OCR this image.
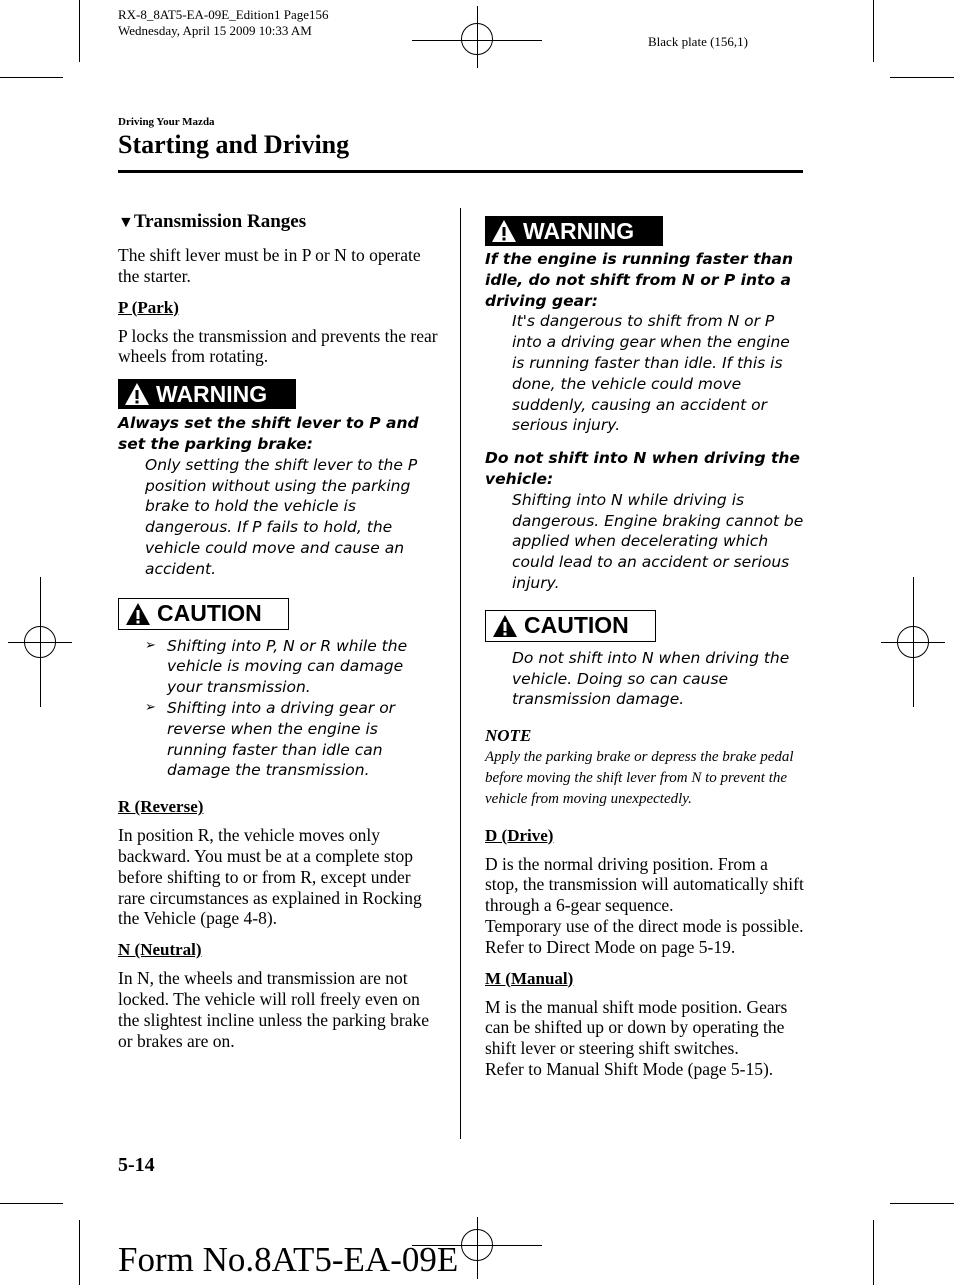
RX-8_8AT5-EA-09E_Edition1 Page156
Wednesday, April 15 2009 10:33 AM
Black plate (156,1)
Driving Your Mazda
Starting and Driving
▼Transmission Ranges
The shift lever must be in P or N to operate the starter.
P (Park)
P locks the transmission and prevents the rear wheels from rotating.
WARNING
Always set the shift lever to P and set the parking brake:
Only setting the shift lever to the P position without using the parking brake to hold the vehicle is dangerous. If P fails to hold, the vehicle could move and cause an accident.
CAUTION
➢ Shifting into P, N or R while the vehicle is moving can damage your transmission.
➢ Shifting into a driving gear or reverse when the engine is running faster than idle can damage the transmission.
R (Reverse)
In position R, the vehicle moves only backward. You must be at a complete stop before shifting to or from R, except under rare circumstances as explained in Rocking the Vehicle (page 4-8).
N (Neutral)
In N, the wheels and transmission are not locked. The vehicle will roll freely even on the slightest incline unless the parking brake or brakes are on.
WARNING
If the engine is running faster than idle, do not shift from N or P into a driving gear:
It's dangerous to shift from N or P into a driving gear when the engine is running faster than idle. If this is done, the vehicle could move suddenly, causing an accident or serious injury.
Do not shift into N when driving the vehicle:
Shifting into N while driving is dangerous. Engine braking cannot be applied when decelerating which could lead to an accident or serious injury.
CAUTION
Do not shift into N when driving the vehicle. Doing so can cause transmission damage.
NOTE
Apply the parking brake or depress the brake pedal before moving the shift lever from N to prevent the vehicle from moving unexpectedly.
D (Drive)
D is the normal driving position. From a stop, the transmission will automatically shift through a 6-gear sequence.
Temporary use of the direct mode is possible.
Refer to Direct Mode on page 5-19.
M (Manual)
M is the manual shift mode position. Gears can be shifted up or down by operating the shift lever or steering shift switches.
Refer to Manual Shift Mode (page 5-15).
5-14
Form No.8AT5-EA-09E
